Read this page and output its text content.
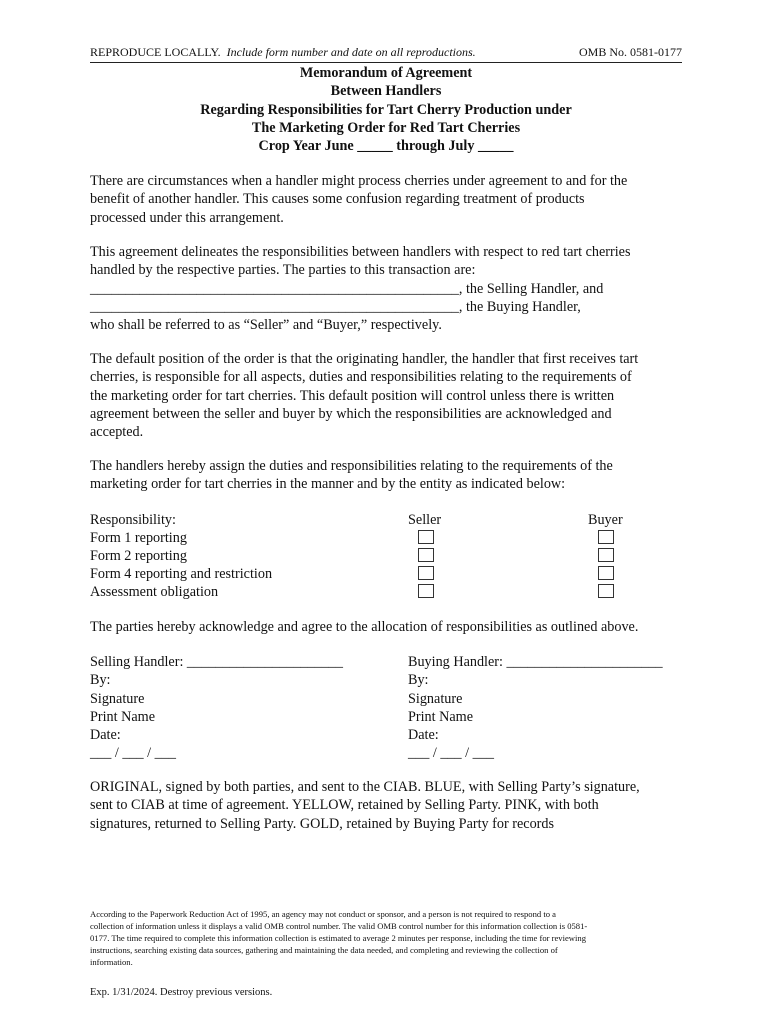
REPRODUCE LOCALLY. Include form number and date on all reproductions.	OMB No. 0581-0177
Memorandum of Agreement
Between Handlers
Regarding Responsibilities for Tart Cherry Production under
The Marketing Order for Red Tart Cherries
Crop Year June _____ through July _____

There are circumstances when a handler might process cherries under agreement to and for the

benefit of another handler. This causes some confusion regarding treatment of products

processed under this arrangement.

This agreement delineates the responsibilities between handlers with respect to red tart cherries

handled by the respective parties. The parties to this transaction are:

____________________________________________________, the Selling Handler, and

____________________________________________________, the Buying Handler,

who shall be referred to as “Seller” and “Buyer,” respectively.

The default position of the order is that the originating handler, the handler that first receives tart

cherries, is responsible for all aspects, duties and responsibilities relating to the requirements of

the marketing order for tart cherries. This default position will control unless there is written

agreement between the seller and buyer by which the responsibilities are acknowledged and

accepted.

The handlers hereby assign the duties and responsibilities relating to the requirements of the

marketing order for tart cherries in the manner and by the entity as indicated below:

Responsibility:	Seller	Buyer
Form 1 reporting
Form 2 reporting
Form 4 reporting and restriction
Assessment obligation
The parties hereby acknowledge and agree to the allocation of responsibilities as outlined above.

Selling Handler: ______________________

By:

Signature

Print Name

Date:

___ / ___ / ___

Buying Handler: ______________________

By:

Signature

Print Name

Date:

___ / ___ / ___

ORIGINAL, signed by both parties, and sent to the CIAB. BLUE, with Selling Party’s signature,

sent to CIAB at time of agreement. YELLOW, retained by Selling Party. PINK, with both

signatures, returned to Selling Party. GOLD, retained by Buying Party for records

According to the Paperwork Reduction Act of 1995, an agency may not conduct or sponsor, and a person is not required to respond to a
collection of information unless it displays a valid OMB control number. The valid OMB control number for this information collection is 0581-
0177. The time required to complete this information collection is estimated to average 2 minutes per response, including the time for reviewing
instructions, searching existing data sources, gathering and maintaining the data needed, and completing and reviewing the collection of
information.
Exp. 1/31/2024. Destroy previous versions.
